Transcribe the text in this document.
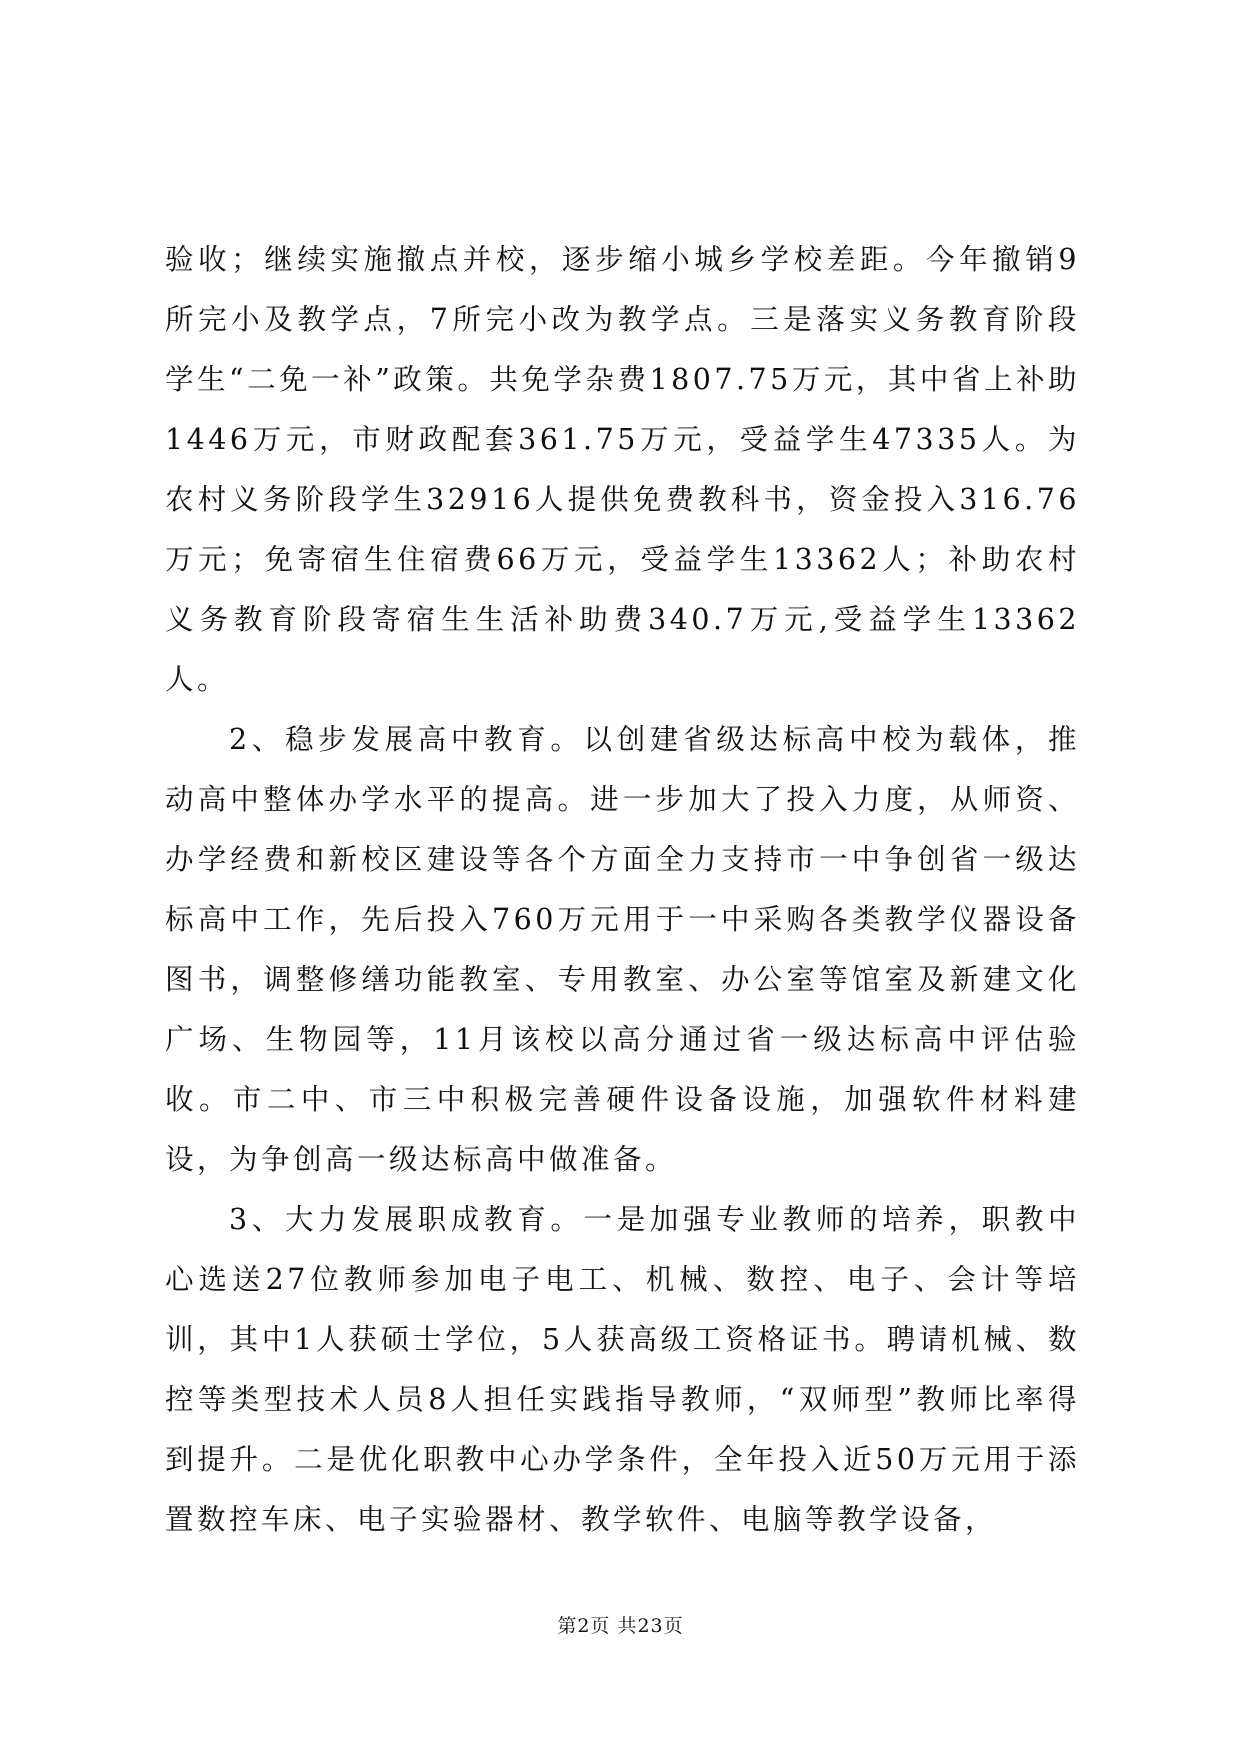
验收；继续实施撤点并校，逐步缩小城乡学校差距。今年撤销9所完小及教学点，7所完小改为教学点。三是落实义务教育阶段学生“二免一补”政策。共免学杂费1807.75万元，其中省上补助1446万元，市财政配套361.75万元，受益学生47335人。为农村义务阶段学生32916人提供免费教科书，资金投入316.76万元；免寄宿生住宿费66万元，受益学生13362人；补助农村义务教育阶段寄宿生生活补助费340.7万元,受益学生13362人。

2、稳步发展高中教育。以创建省级达标高中校为载体，推动高中整体办学水平的提高。进一步加大了投入力度，从师资、办学经费和新校区建设等各个方面全力支持市一中争创省一级达标高中工作，先后投入760万元用于一中采购各类教学仪器设备图书，调整修缮功能教室、专用教室、办公室等馆室及新建文化广场、生物园等，11月该校以高分通过省一级达标高中评估验收。市二中、市三中积极完善硬件设备设施，加强软件材料建设，为争创高一级达标高中做准备。

3、大力发展职成教育。一是加强专业教师的培养，职教中心选送27位教师参加电子电工、机械、数控、电子、会计等培训，其中1人获硕士学位，5人获高级工资格证书。聘请机械、数控等类型技术人员8人担任实践指导教师，“双师型”教师比率得到提升。二是优化职教中心办学条件，全年投入近50万元用于添置数控车床、电子实验器材、教学软件、电脑等教学设备，

第2页 共23页
